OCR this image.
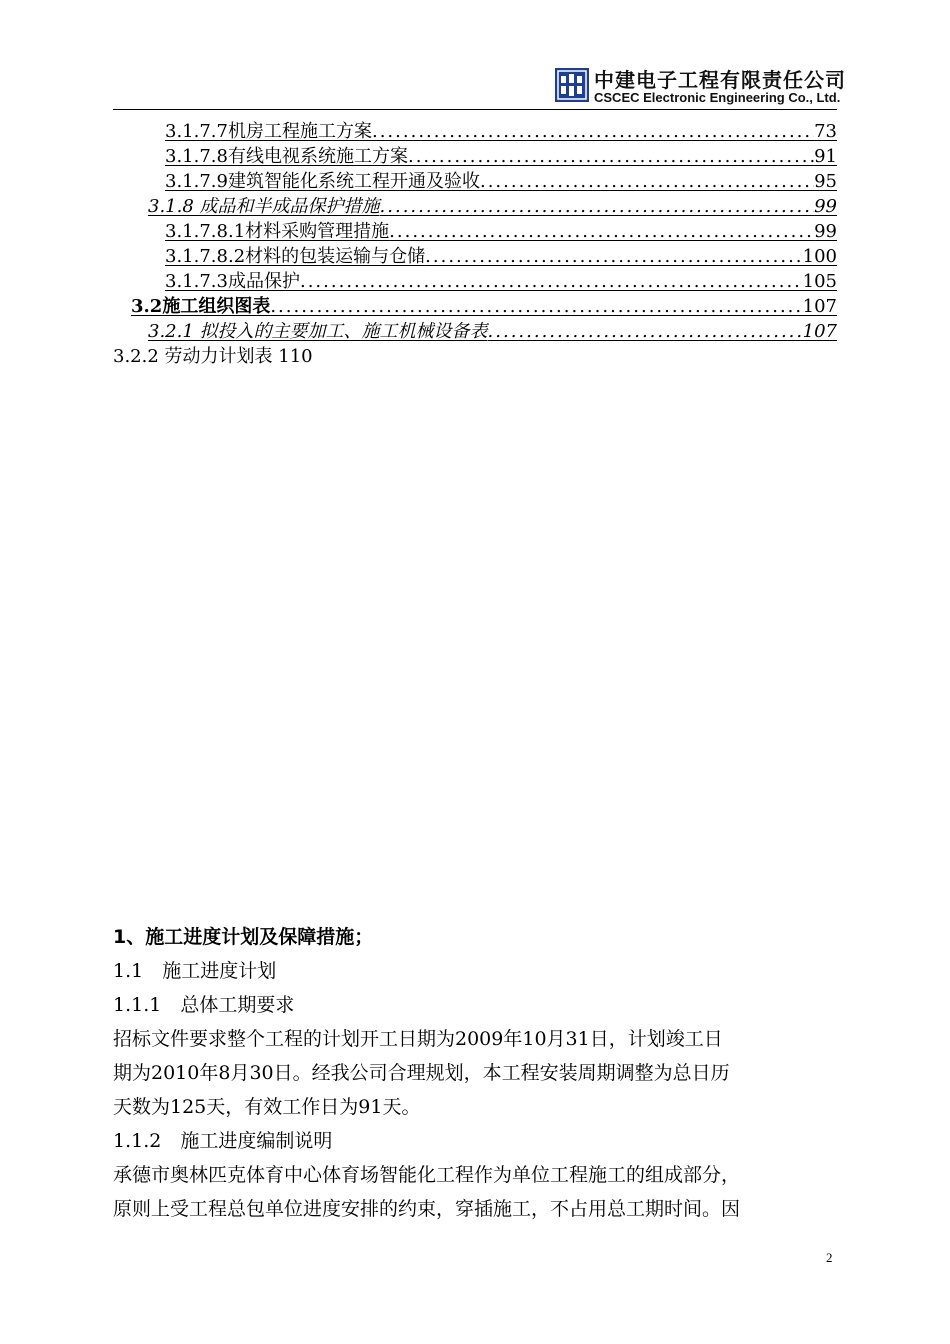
中建电子工程有限责任公司
CSCEC Electronic Engineering Co., Ltd.
3.1.7.7机房工程施工方案 .....	73
3.1.7.8有线电视系统施工方案 .....	91
3.1.7.9建筑智能化系统工程开通及验收 .....	95
3.1.8 成品和半成品保护措施 .....	99
3.1.7.8.1材料采购管理措施 .....	99
3.1.7.8.2材料的包装运输与仓储 .....	100
3.1.7.3成品保护 .....	105
3.2施工组织图表 .....	107
3.2.1 拟投入的主要加工、施工机械设备表 .....	107
3.2.2 劳动力计划表 110
1、施工进度计划及保障措施；
1.1　施工进度计划
1.1.1　总体工期要求
招标文件要求整个工程的计划开工日期为2009年10月31日，计划竣工日
期为2010年8月30日。经我公司合理规划，本工程安装周期调整为总日历
天数为125天，有效工作日为91天。
1.1.2　施工进度编制说明
承德市奥林匹克体育中心体育场智能化工程作为单位工程施工的组成部分，
原则上受工程总包单位进度安排的约束，穿插施工，不占用总工期时间。因
2
